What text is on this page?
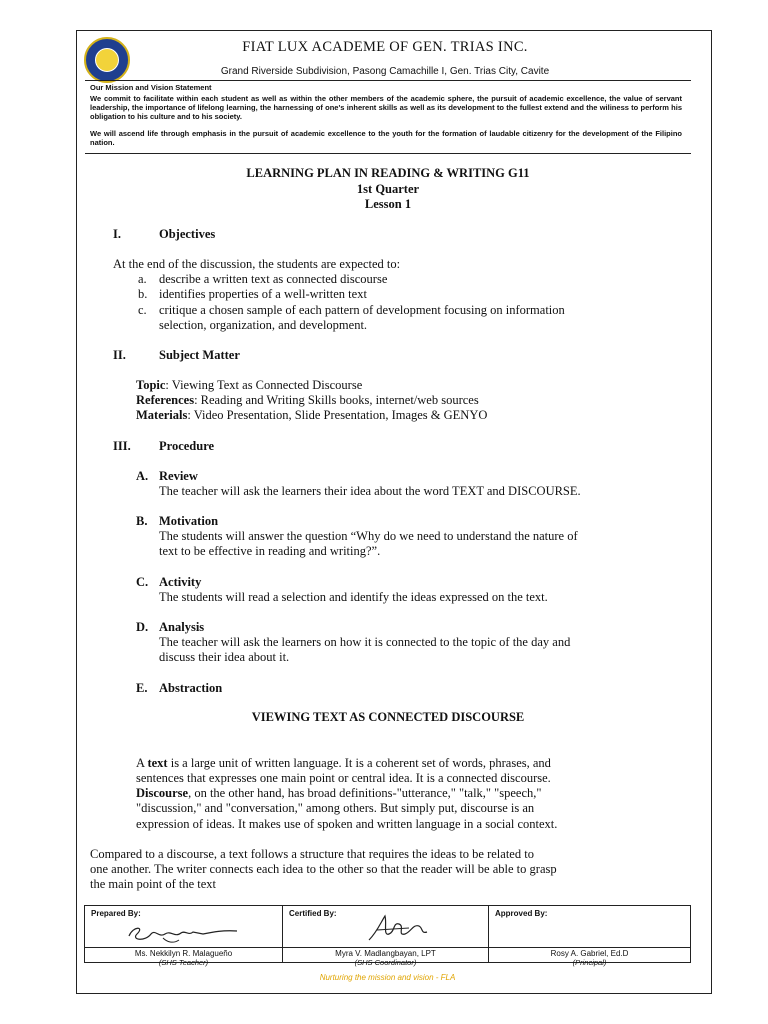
FIAT LUX ACADEME OF GEN. TRIAS INC.
Grand Riverside Subdivision, Pasong Camachille I, Gen. Trias City, Cavite
Our Mission and Vision Statement
We commit to facilitate within each student as well as within the other members of the academic sphere, the pursuit of academic excellence, the value of servant leadership, the importance of lifelong learning, the harnessing of one's inherent skills as well as its development to the fullest extend and the wiliness to perform his obligation to his culture and to his society.
We will ascend life through emphasis in the pursuit of academic excellence to the youth for the formation of laudable citizenry for the development of the Filipino nation.
LEARNING PLAN IN READING & WRITING G11
1st Quarter
Lesson 1
I.	Objectives
At the end of the discussion, the students are expected to:
a. describe a written text as connected discourse
b. identifies properties of a well-written text
c. critique a chosen sample of each pattern of development focusing on information
selection, organization, and development.
II.	Subject Matter
Topic: Viewing Text as Connected Discourse
References: Reading and Writing Skills books, internet/web sources
Materials: Video Presentation, Slide Presentation, Images & GENYO
III. Procedure
A. Review
The teacher will ask the learners their idea about the word TEXT and DISCOURSE.
B. Motivation
The students will answer the question “Why do we need to understand the nature of
text to be effective in reading and writing?”.
C. Activity
The students will read a selection and identify the ideas expressed on the text.
D. Analysis
The teacher will ask the learners on how it is connected to the topic of the day and
discuss their idea about it.
E. Abstraction
VIEWING TEXT AS CONNECTED DISCOURSE
A text is a large unit of written language. It is a coherent set of words, phrases, and
sentences that expresses one main point or central idea. It is a connected discourse.
Discourse, on the other hand, has broad definitions-"utterance," "talk," "speech,"
"discussion," and "conversation," among others. But simply put, discourse is an
expression of ideas. It makes use of spoken and written language in a social context.
Compared to a discourse, a text follows a structure that requires the ideas to be related to
one another. The writer connects each idea to the other so that the reader will be able to grasp
the main point of the text
Prepared By:
Ms. Nekkilyn R. Malagueño
(SHS Teacher)
Certified By:
Myra V. Madlangbayan, LPT
(SHS Coordinator)
Approved By:
Rosy A. Gabriel, Ed.D
(Principal)
Nurturing the mission and vision - FLA
